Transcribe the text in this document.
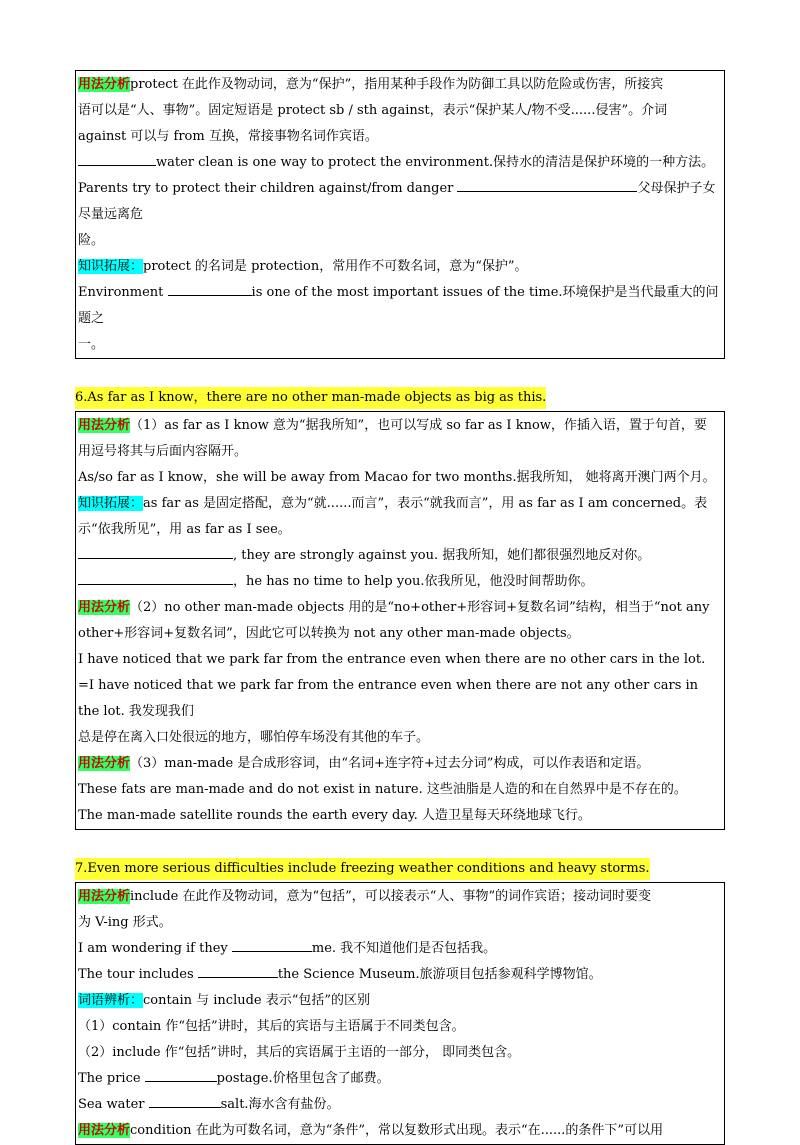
用法分析protect 在此作及物动词，意为“保护”，指用某种手段作为防御工具以防危险或伤害，所接宾
语可以是“人、事物”。固定短语是 protect sb / sth against，表示“保护某人/物不受......侵害”。介词
against 可以与 from 互换，常接事物名词作宾语。
water clean is one way to protect the environment.保持水的清洁是保护环境的一种方法。
Parents try to protect their children against/from danger	父母保护子女尽量远离危
险。
知识拓展：protect 的名词是 protection，常用作不可数名词，意为“保护”。
Environment	is one of the most important issues of the time.环境保护是当代最重大的问题之
一。
6.As far as I know，there are no other man-made objects as big as this.
用法分析（1）as far as I know 意为“据我所知”，也可以写成 so far as I know，作插入语，置于句首，要
用逗号将其与后面内容隔开。
As/so far as I know，she will be away from Macao for two months.据我所知， 她将离开澳门两个月。
知识拓展：as far as 是固定搭配，意为“就......而言”，表示“就我而言”，用 as far as I am concerned。表
示“依我所见”，用 as far as I see。
, they are strongly against you. 据我所知，她们都很强烈地反对你。
，he has no time to help you.依我所见，他没时间帮助你。
用法分析（2）no other man-made objects 用的是“no+other+形容词+复数名词”结构，相当于“not any
other+形容词+复数名词”，因此它可以转换为 not any other man-made objects。
I have noticed that we park far from the entrance even when there are no other cars in the lot.
=I have noticed that we park far from the entrance even when there are not any other cars in the lot. 我发现我们
总是停在离入口处很远的地方，哪怕停车场没有其他的车子。
用法分析（3）man-made 是合成形容词，由“名词+连字符+过去分词”构成，可以作表语和定语。
These fats are man-made and do not exist in nature. 这些油脂是人造的和在自然界中是不存在的。
The man-made satellite rounds the earth every day. 人造卫星每天环绕地球飞行。
7.Even more serious difficulties include freezing weather conditions and heavy storms.
用法分析include 在此作及物动词，意为“包括”，可以接表示“人、事物”的词作宾语；接动词时要变
为 V-ing 形式。
I am wondering if they	me. 我不知道他们是否包括我。
The tour includes	the Science Museum.旅游项目包括参观科学博物馆。
词语辨析：contain 与 include 表示“包括”的区别
（1）contain 作“包括”讲时，其后的宾语与主语属于不同类包含。
（2）include 作“包括”讲时，其后的宾语属于主语的一部分， 即同类包含。
The price	postage.价格里包含了邮费。
Sea water	salt.海水含有盐份。
用法分析condition 在此为可数名词，意为“条件”，常以复数形式出现。表示“在......的条件下”可以用
